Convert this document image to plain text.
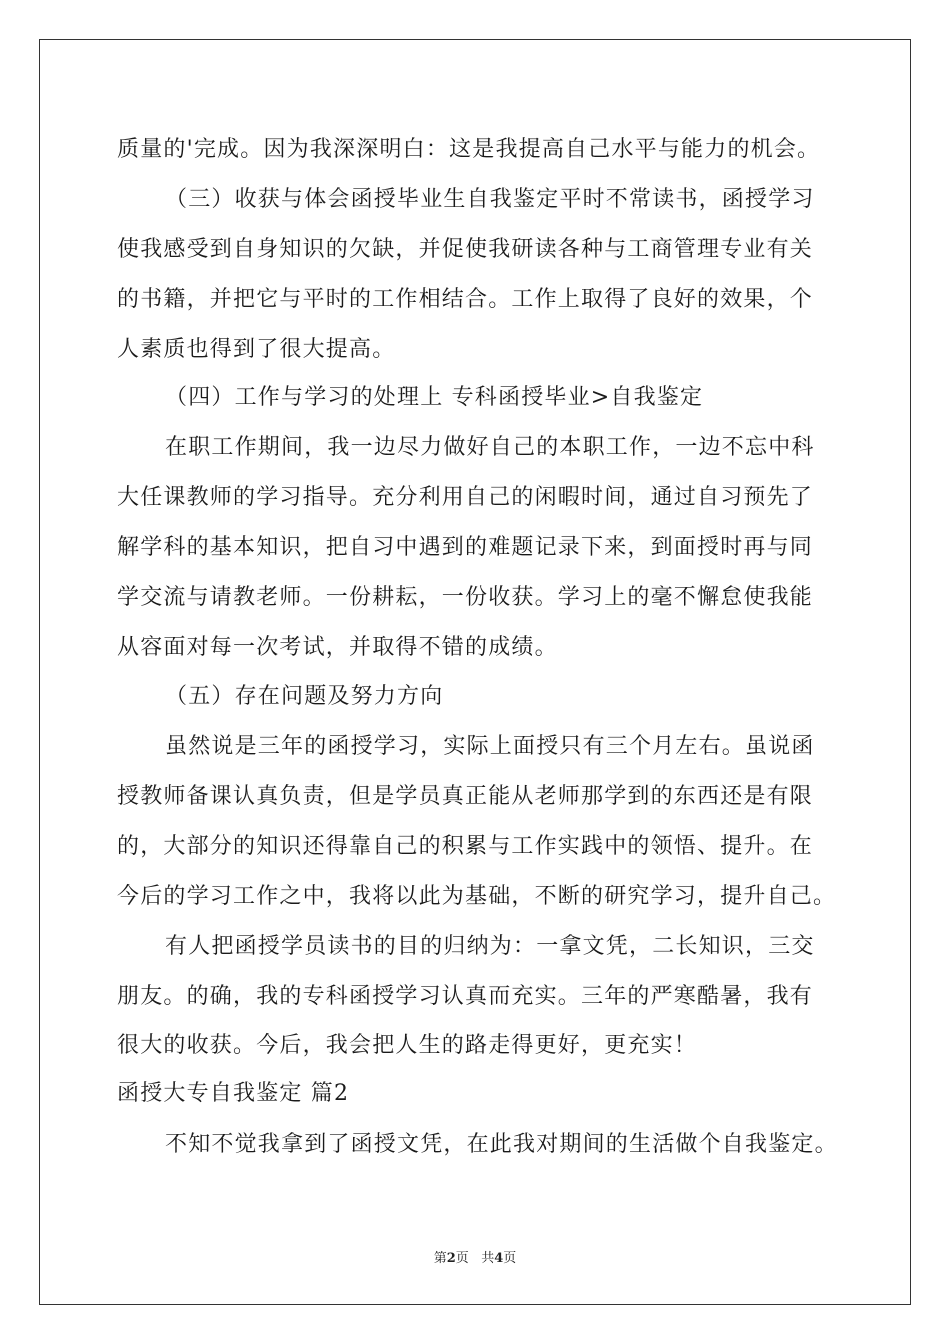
质量的'完成。因为我深深明白：这是我提高自己水平与能力的机会。
（三）收获与体会函授毕业生自我鉴定平时不常读书，函授学习
使我感受到自身知识的欠缺，并促使我研读各种与工商管理专业有关
的书籍，并把它与平时的工作相结合。工作上取得了良好的效果，个
人素质也得到了很大提高。
（四）工作与学习的处理上 专科函授毕业>自我鉴定
在职工作期间，我一边尽力做好自己的本职工作，一边不忘中科
大任课教师的学习指导。充分利用自己的闲暇时间，通过自习预先了
解学科的基本知识，把自习中遇到的难题记录下来，到面授时再与同
学交流与请教老师。一份耕耘，一份收获。学习上的毫不懈怠使我能
从容面对每一次考试，并取得不错的成绩。
（五）存在问题及努力方向
虽然说是三年的函授学习，实际上面授只有三个月左右。虽说函
授教师备课认真负责，但是学员真正能从老师那学到的东西还是有限
的，大部分的知识还得靠自己的积累与工作实践中的领悟、提升。在
今后的学习工作之中，我将以此为基础，不断的研究学习，提升自己。
有人把函授学员读书的目的归纳为：一拿文凭，二长知识，三交
朋友。的确，我的专科函授学习认真而充实。三年的严寒酷暑，我有
很大的收获。今后，我会把人生的路走得更好，更充实！
函授大专自我鉴定 篇2
不知不觉我拿到了函授文凭，在此我对期间的生活做个自我鉴定。
第2页 共4页
